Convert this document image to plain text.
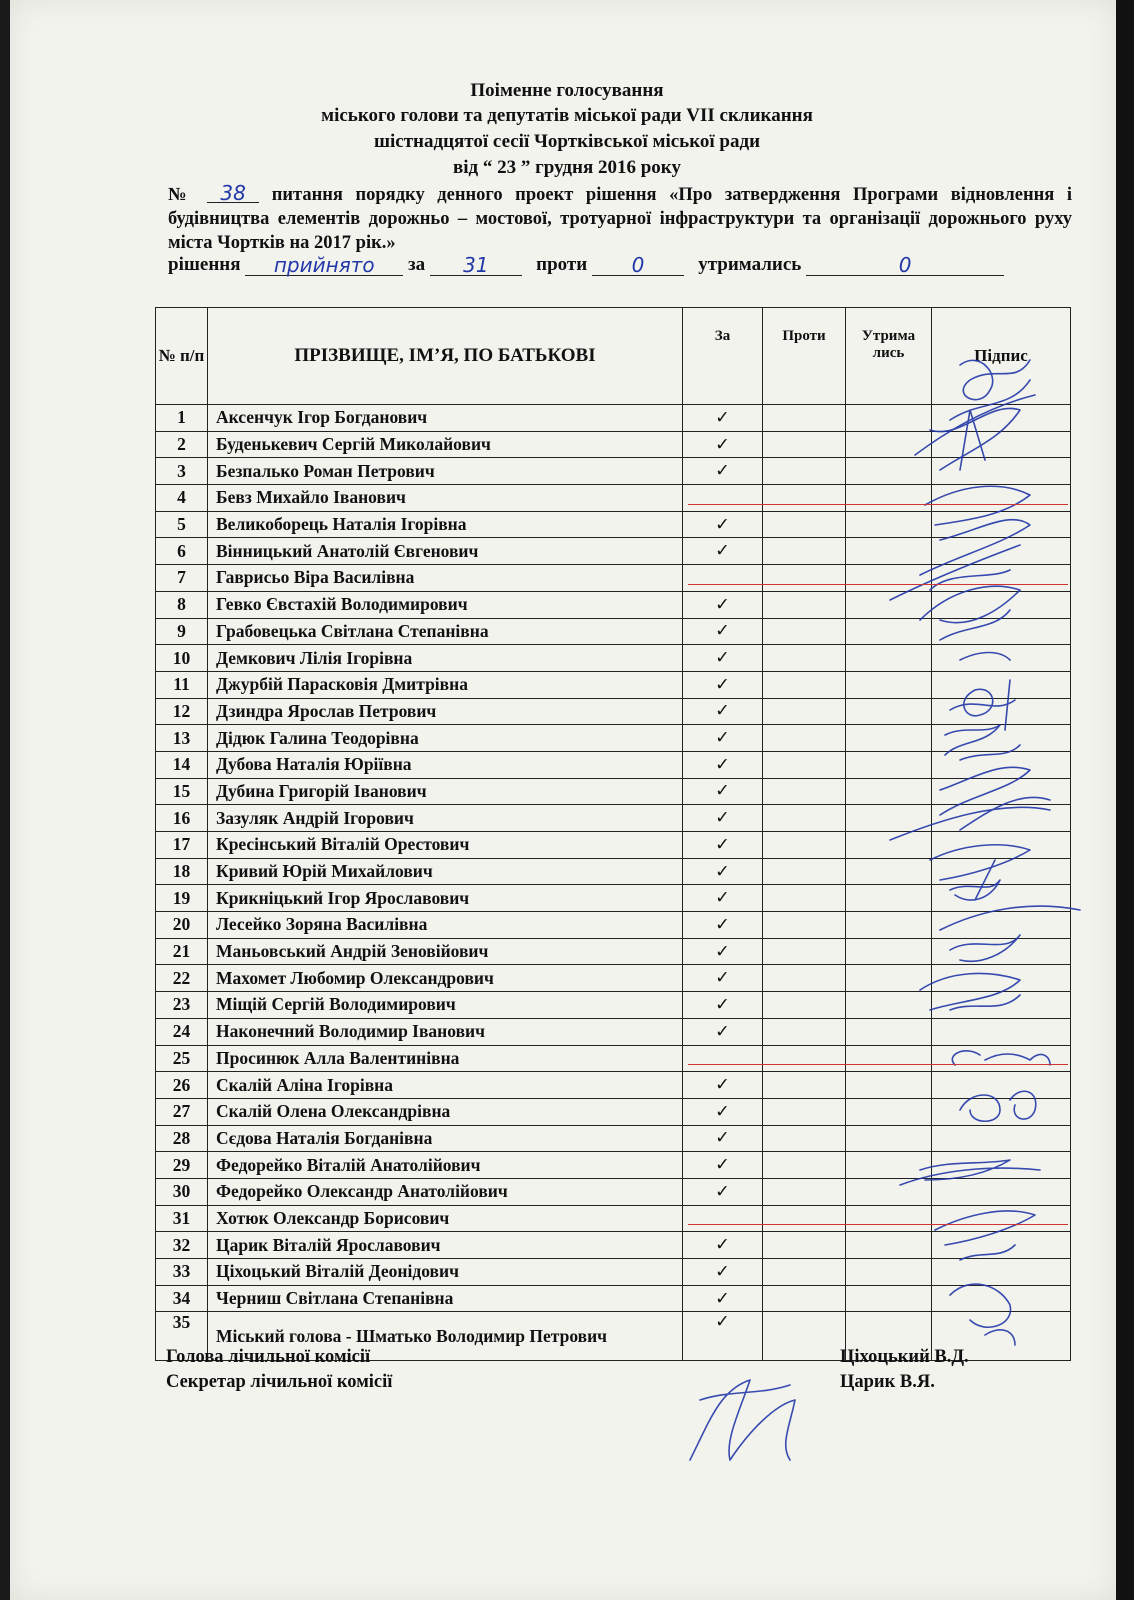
Поіменне голосування
міського голови та депутатів міської ради VII скликання
шістнадцятої сесії Чортківської міської ради
від “ 23 ” грудня 2016 року
№ 38 питання порядку денного проект рішення «Про затвердження Програми відновлення і будівництва елементів дорожньо – мостової, тротуарної інфраструктури та організації дорожнього руху міста Чортків на 2017 рік.»
рішення прийнято за 31	проти 0	утримались	0
№ п/п	ПРІЗВИЩЕ, ІМ’Я, ПО БАТЬКОВІ	За	Проти	Утрима лись	Підпис
1	Аксенчук Ігор Богданович	✓			
2	Буденькевич Сергій Миколайович	✓			
3	Безпалько Роман Петрович	✓			
4	Бевз Михайло Іванович				
5	Великоборець Наталія Ігорівна	✓			
6	Вінницький Анатолій Євгенович	✓			
7	Гаврисьо Віра Василівна				
8	Гевко Євстахій Володимирович	✓			
9	Грабовецька Світлана Степанівна	✓			
10	Демкович Лілія Ігорівна	✓			
11	Джурбій Парасковія Дмитрівна	✓			
12	Дзиндра Ярослав Петрович	✓			
13	Дідюк Галина Теодорівна	✓			
14	Дубова Наталія Юріївна	✓			
15	Дубина Григорій Іванович	✓			
16	Зазуляк Андрій Ігорович	✓			
17	Кресінський Віталій Орестович	✓			
18	Кривий Юрій Михайлович	✓			
19	Крикніцький Ігор Ярославович	✓			
20	Лесейко Зоряна Василівна	✓			
21	Маньовський Андрій Зеновійович	✓			
22	Махомет Любомир Олександрович	✓			
23	Міщій Сергій Володимирович	✓			
24	Наконечний Володимир Іванович	✓			
25	Просинюк Алла Валентинівна				
26	Скалій Аліна Ігорівна	✓			
27	Скалій Олена Олександрівна	✓			
28	Сєдова Наталія Богданівна	✓			
29	Федорейко Віталій Анатолійович	✓			
30	Федорейко Олександр Анатолійович	✓			
31	Хотюк Олександр Борисович				
32	Царик Віталій Ярославович	✓			
33	Ціхоцький Віталій Деонідович	✓			
34	Черниш Світлана Степанівна	✓			
35	Міський голова - Шматько Володимир Петрович	✓			
Голова лічильної комісії
Секретар лічильної комісії
Ціхоцький В.Д.
Царик В.Я.
